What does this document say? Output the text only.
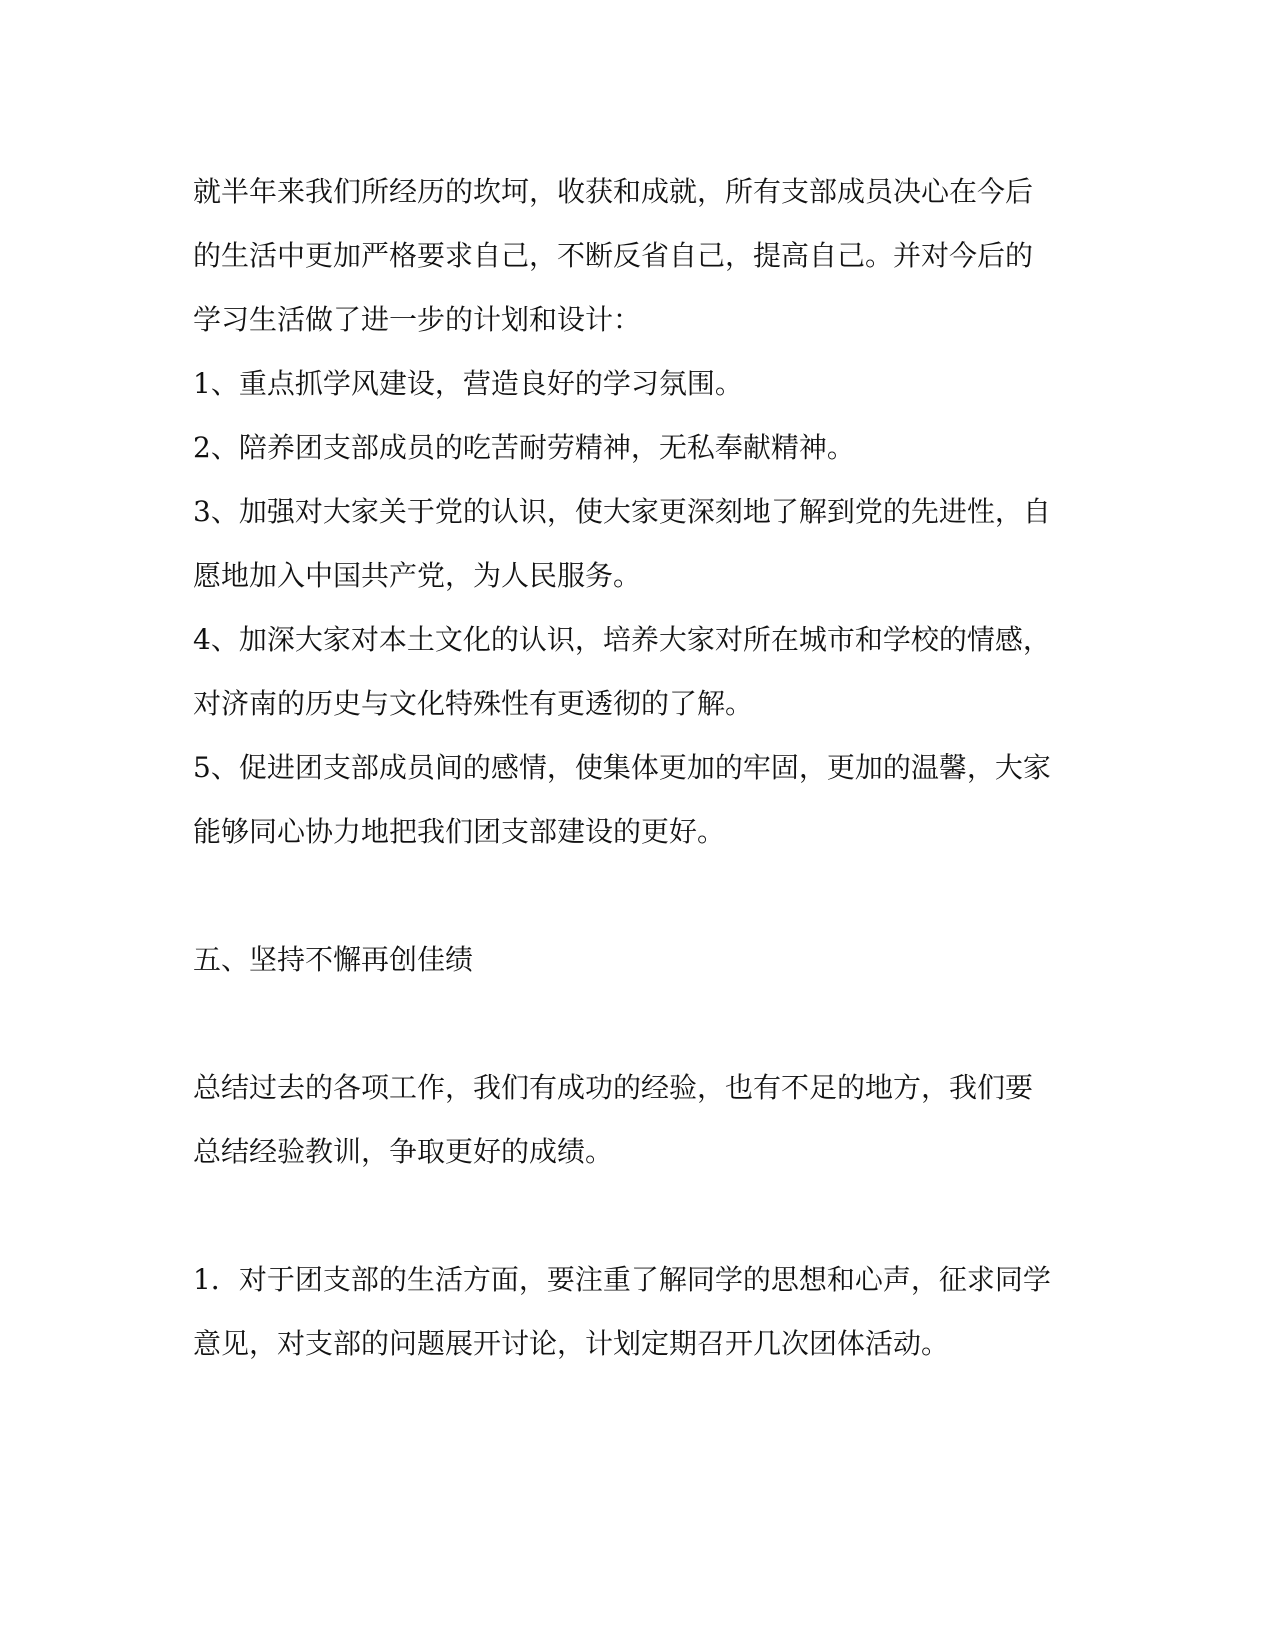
就半年来我们所经历的坎坷，收获和成就，所有支部成员决心在今后
的生活中更加严格要求自己，不断反省自己，提高自己。并对今后的
学习生活做了进一步的计划和设计：
1、重点抓学风建设，营造良好的学习氛围。
2、陪养团支部成员的吃苦耐劳精神，无私奉献精神。
3、加强对大家关于党的认识，使大家更深刻地了解到党的先进性，自
愿地加入中国共产党，为人民服务。
4、加深大家对本土文化的认识，培养大家对所在城市和学校的情感，
对济南的历史与文化特殊性有更透彻的了解。
5、促进团支部成员间的感情，使集体更加的牢固，更加的温馨，大家
能够同心协力地把我们团支部建设的更好。
五、坚持不懈再创佳绩
总结过去的各项工作，我们有成功的经验，也有不足的地方，我们要
总结经验教训，争取更好的成绩。
1．对于团支部的生活方面，要注重了解同学的思想和心声，征求同学
意见，对支部的问题展开讨论，计划定期召开几次团体活动。
